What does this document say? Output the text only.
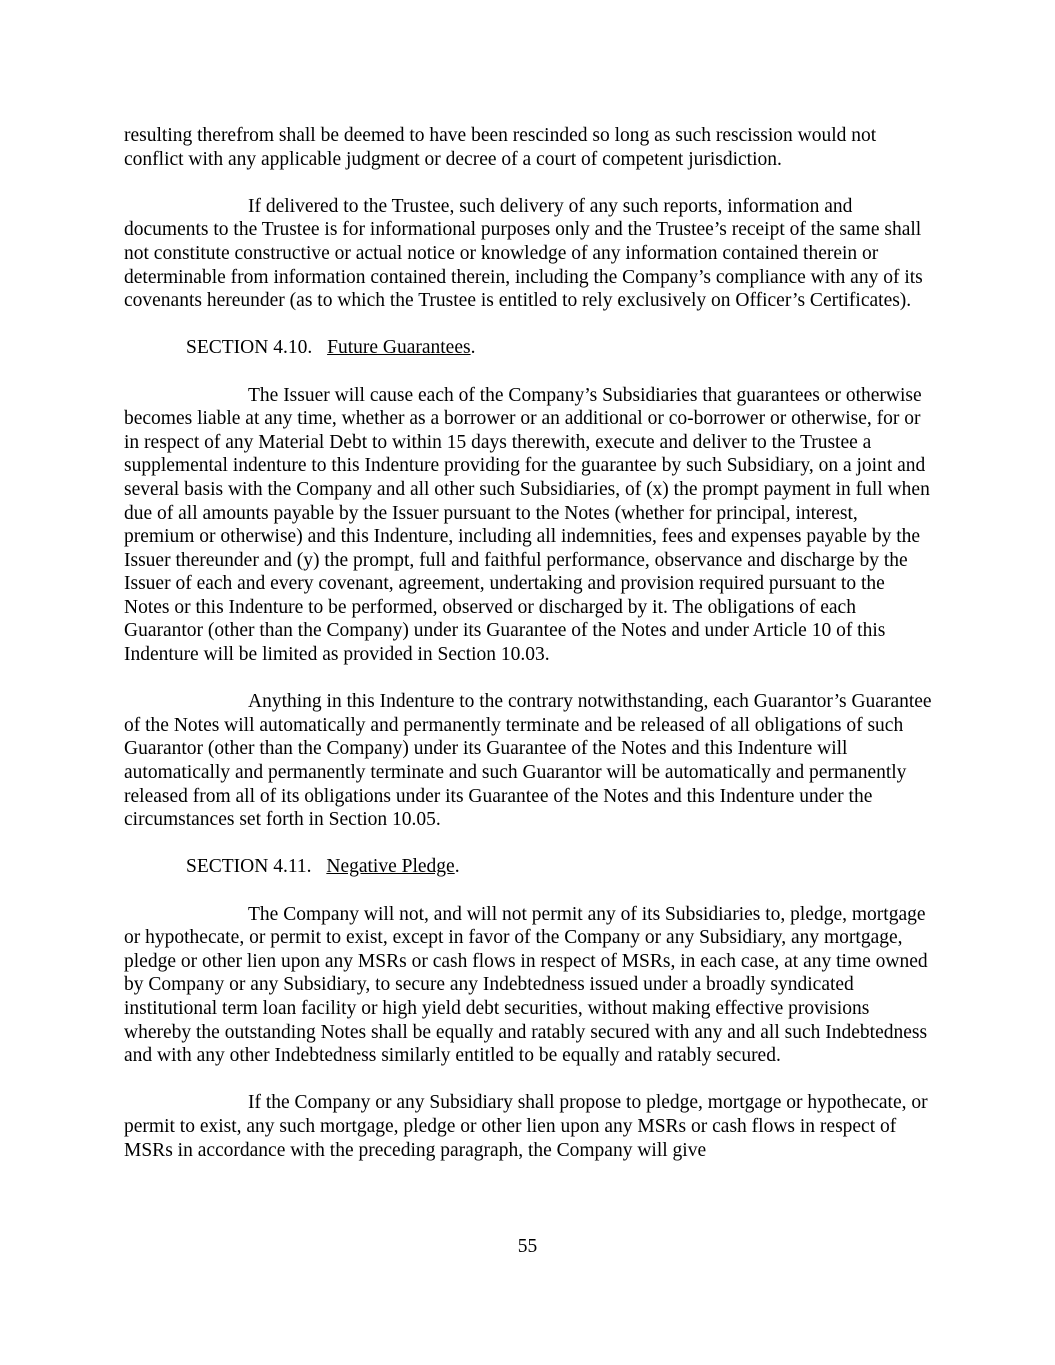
resulting therefrom shall be deemed to have been rescinded so long as such rescission would not conflict with any applicable judgment or decree of a court of competent jurisdiction.

If delivered to the Trustee, such delivery of any such reports, information and documents to the Trustee is for informational purposes only and the Trustee’s receipt of the same shall not constitute constructive or actual notice or knowledge of any information contained therein or determinable from information contained therein, including the Company’s compliance with any of its covenants hereunder (as to which the Trustee is entitled to rely exclusively on Officer’s Certificates).

SECTION 4.10. Future Guarantees.

The Issuer will cause each of the Company’s Subsidiaries that guarantees or otherwise becomes liable at any time, whether as a borrower or an additional or co-borrower or otherwise, for or in respect of any Material Debt to within 15 days therewith, execute and deliver to the Trustee a supplemental indenture to this Indenture providing for the guarantee by such Subsidiary, on a joint and several basis with the Company and all other such Subsidiaries, of (x) the prompt payment in full when due of all amounts payable by the Issuer pursuant to the Notes (whether for principal, interest, premium or otherwise) and this Indenture, including all indemnities, fees and expenses payable by the Issuer thereunder and (y) the prompt, full and faithful performance, observance and discharge by the Issuer of each and every covenant, agreement, undertaking and provision required pursuant to the Notes or this Indenture to be performed, observed or discharged by it. The obligations of each Guarantor (other than the Company) under its Guarantee of the Notes and under Article 10 of this Indenture will be limited as provided in Section 10.03.

Anything in this Indenture to the contrary notwithstanding, each Guarantor’s Guarantee of the Notes will automatically and permanently terminate and be released of all obligations of such Guarantor (other than the Company) under its Guarantee of the Notes and this Indenture will automatically and permanently terminate and such Guarantor will be automatically and permanently released from all of its obligations under its Guarantee of the Notes and this Indenture under the circumstances set forth in Section 10.05.

SECTION 4.11. Negative Pledge.

The Company will not, and will not permit any of its Subsidiaries to, pledge, mortgage or hypothecate, or permit to exist, except in favor of the Company or any Subsidiary, any mortgage, pledge or other lien upon any MSRs or cash flows in respect of MSRs, in each case, at any time owned by Company or any Subsidiary, to secure any Indebtedness issued under a broadly syndicated institutional term loan facility or high yield debt securities, without making effective provisions whereby the outstanding Notes shall be equally and ratably secured with any and all such Indebtedness and with any other Indebtedness similarly entitled to be equally and ratably secured.

If the Company or any Subsidiary shall propose to pledge, mortgage or hypothecate, or permit to exist, any such mortgage, pledge or other lien upon any MSRs or cash flows in respect of MSRs in accordance with the preceding paragraph, the Company will give

55
